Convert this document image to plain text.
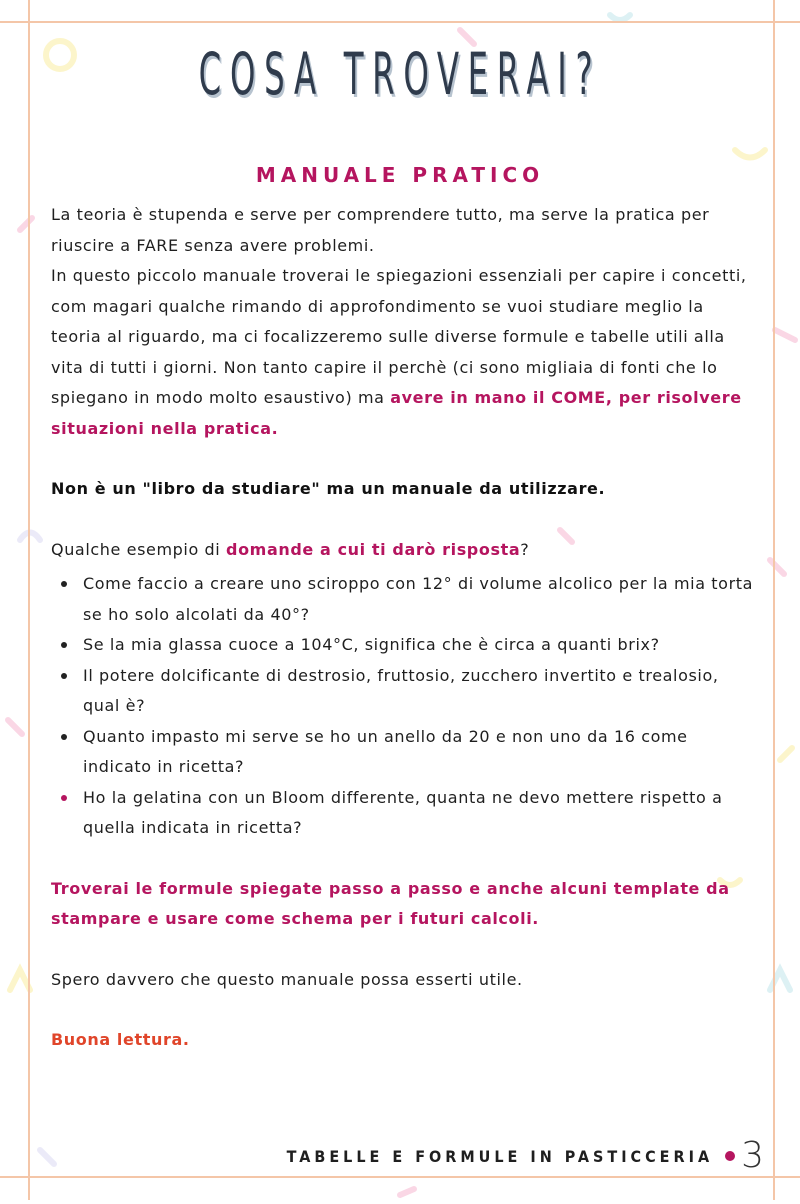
COSA TROVERAI?
MANUALE PRATICO

La teoria è stupenda e serve per comprendere tutto, ma serve la pratica per riuscire a FARE senza avere problemi.

In questo piccolo manuale troverai le spiegazioni essenziali per capire i concetti, com magari qualche rimando di approfondimento se vuoi studiare meglio la teoria al riguardo, ma ci focalizzeremo sulle diverse formule e tabelle utili alla vita di tutti i giorni. Non tanto capire il perchè (ci sono migliaia di fonti che lo spiegano in modo molto esaustivo) ma avere in mano il COME, per risolvere situazioni nella pratica.

Non è un "libro da studiare" ma un manuale da utilizzare.

Qualche esempio di domande a cui ti darò risposta?

Come faccio a creare uno sciroppo con 12° di volume alcolico per la mia torta se ho solo alcolati da 40°?
Se la mia glassa cuoce a 104°C, significa che è circa a quanti brix?
Il potere dolcificante di destrosio, fruttosio, zucchero invertito e trealosio, qual è?
Quanto impasto mi serve se ho un anello da 20 e non uno da 16 come indicato in ricetta?
Ho la gelatina con un Bloom differente, quanta ne devo mettere rispetto a quella indicata in ricetta?

Troverai le formule spiegate passo a passo e anche alcuni template da stampare e usare come schema per i futuri calcoli.

Spero davvero che questo manuale possa esserti utile.

Buona lettura.

TABELLE E FORMULE IN PASTICCERIA 3
